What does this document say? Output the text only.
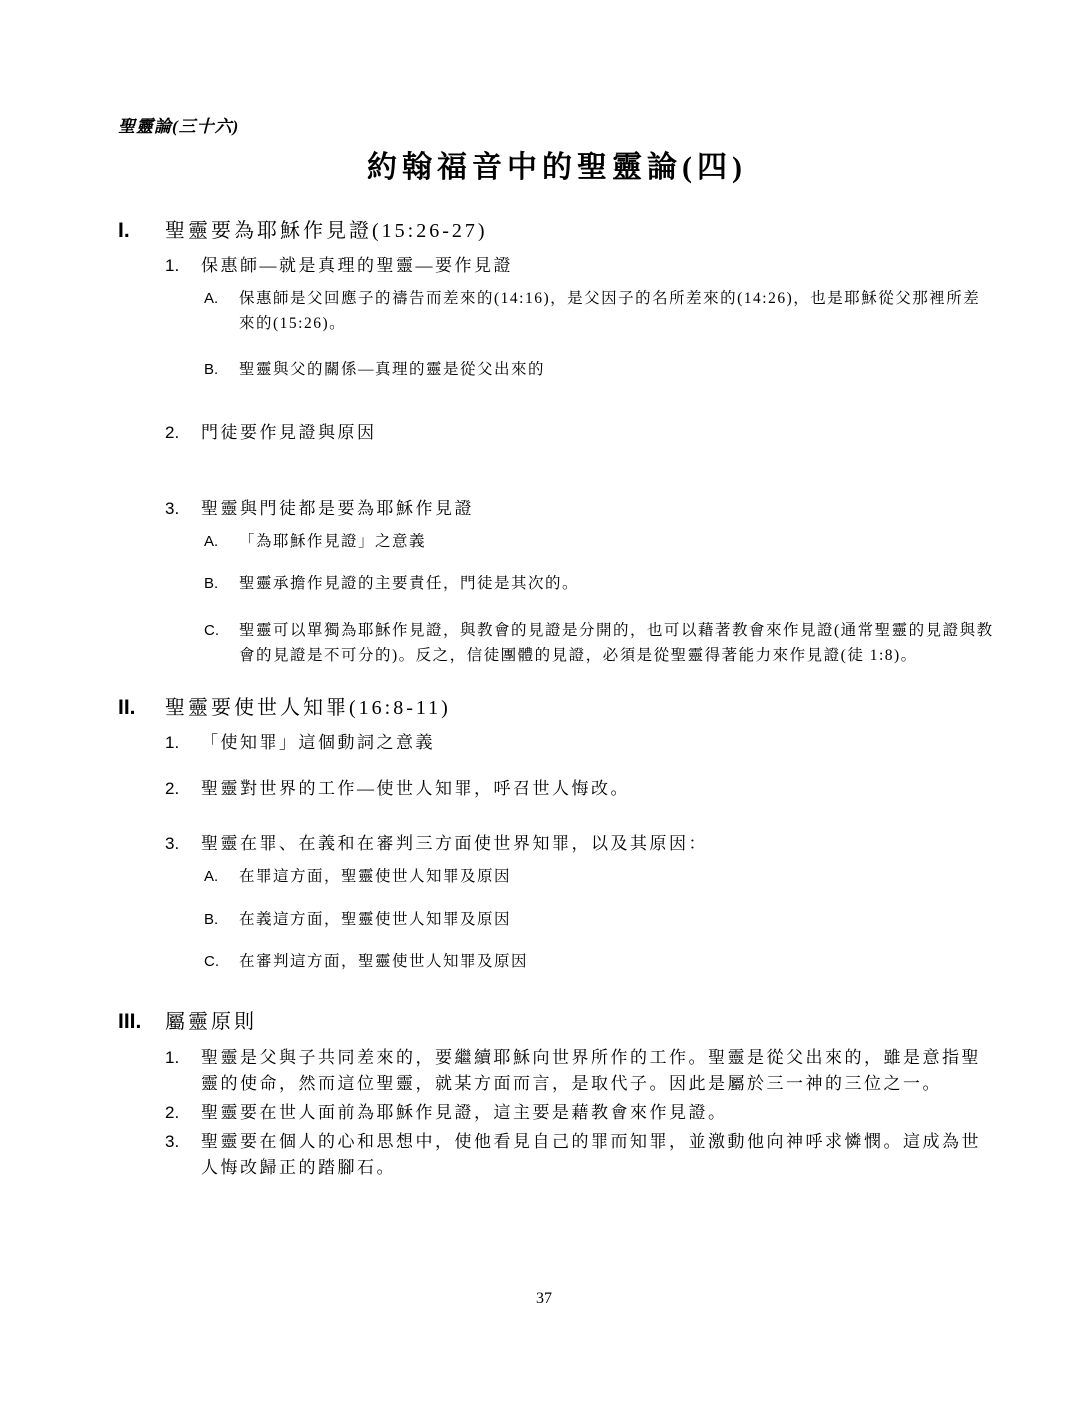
聖靈論(三十六)
約翰福音中的聖靈論(四)
I.	聖靈要為耶穌作見證(15:26-27)
1.	保惠師—就是真理的聖靈—要作見證
A.	保惠師是父回應子的禱告而差來的(14:16)，是父因子的名所差來的(14:26)，也是耶穌從父那裡所差來的(15:26)。
B.	聖靈與父的關係—真理的靈是從父出來的
2.	門徒要作見證與原因
3.	聖靈與門徒都是要為耶穌作見證
A.	「為耶穌作見證」之意義
B.	聖靈承擔作見證的主要責任，門徒是其次的。
C.	聖靈可以單獨為耶穌作見證，與教會的見證是分開的，也可以藉著教會來作見證(通常聖靈的見證與教會的見證是不可分的)。反之，信徒團體的見證，必須是從聖靈得著能力來作見證(徒 1:8)。
II.	聖靈要使世人知罪(16:8-11)
1.	「使知罪」這個動詞之意義
2.	聖靈對世界的工作—使世人知罪，呼召世人悔改。
3.	聖靈在罪、在義和在審判三方面使世界知罪，以及其原因：
A.	在罪這方面，聖靈使世人知罪及原因
B.	在義這方面，聖靈使世人知罪及原因
C.	在審判這方面，聖靈使世人知罪及原因
III.	屬靈原則
1.	聖靈是父與子共同差來的，要繼續耶穌向世界所作的工作。聖靈是從父出來的，雖是意指聖靈的使命，然而這位聖靈，就某方面而言，是取代子。因此是屬於三一神的三位之一。
2.	聖靈要在世人面前為耶穌作見證，這主要是藉教會來作見證。
3.	聖靈要在個人的心和思想中，使他看見自己的罪而知罪，並激動他向神呼求憐憫。這成為世人悔改歸正的踏腳石。
37
